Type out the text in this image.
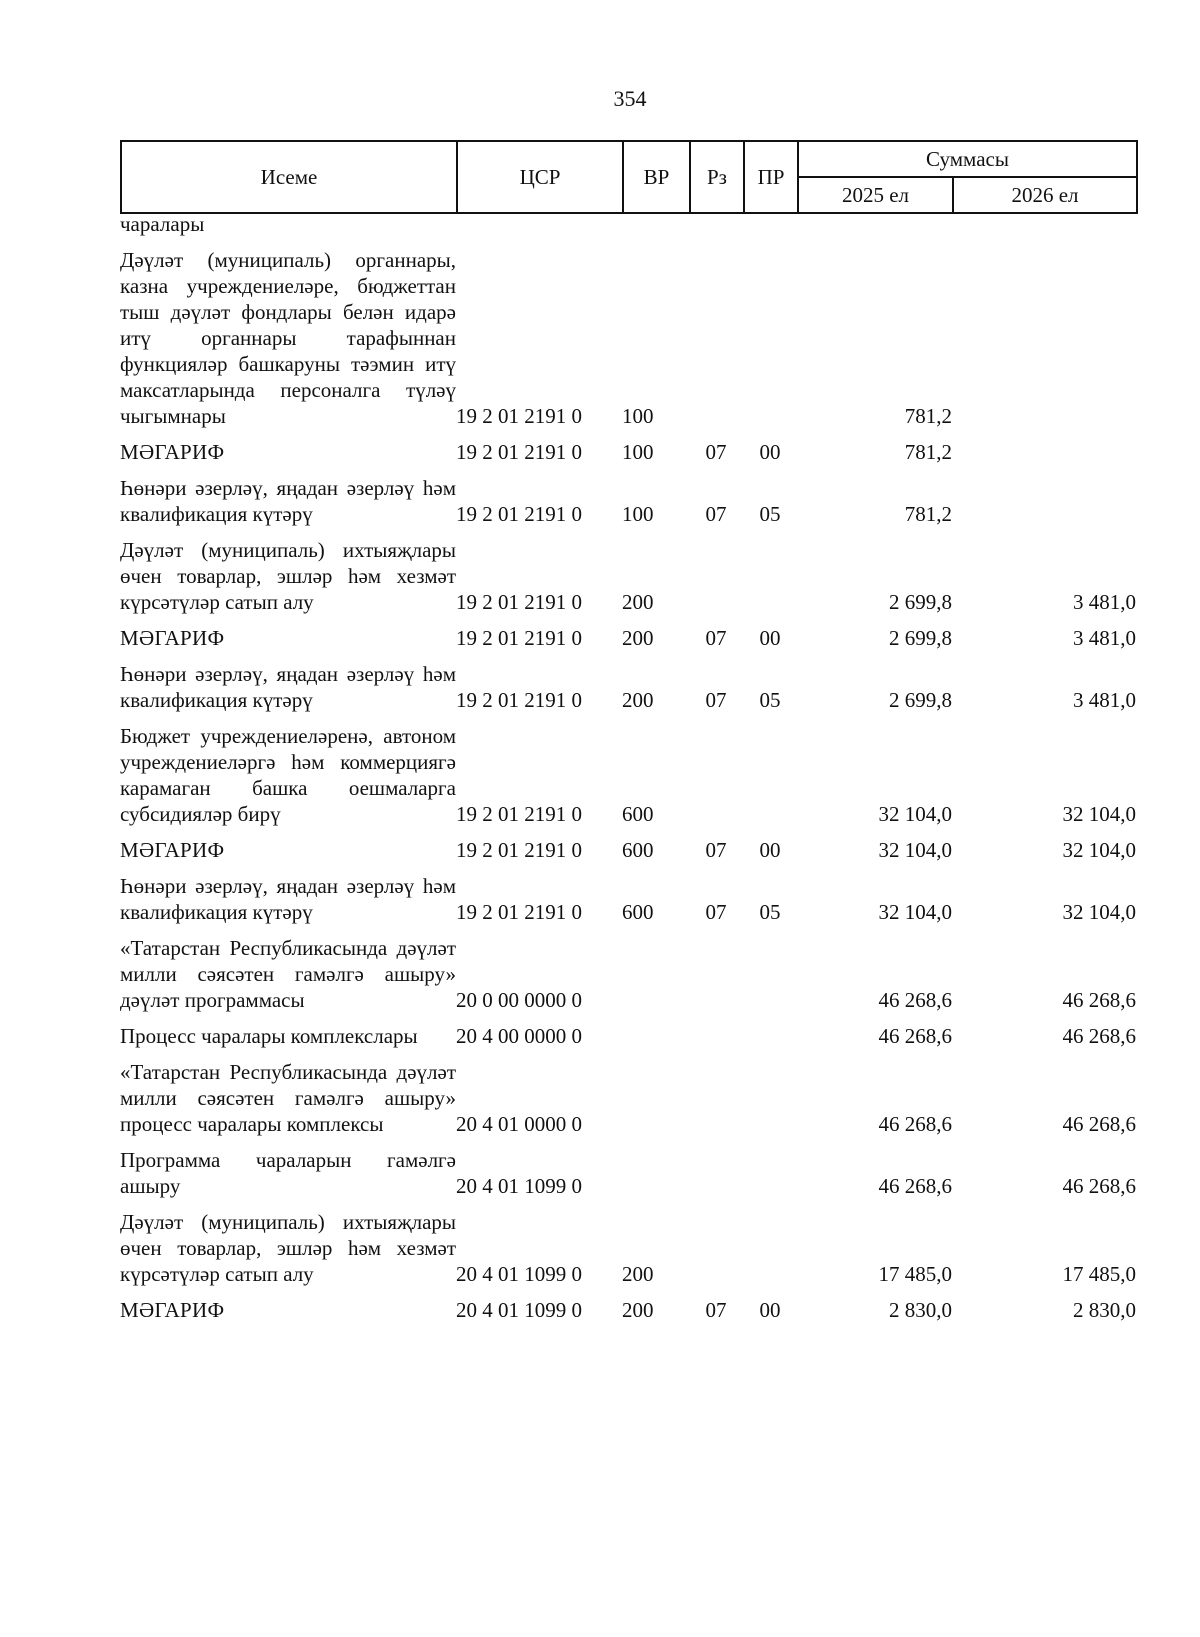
354
Исеме	ЦСР	ВР	Рз	ПР	Суммасы	
					2025 ел	2026 ел
чаралары						

Дәүләт (муниципаль) органнары, казна учреждениеләре, бюджеттан тыш дәүләт фондлары белән идарә итү органнары тарафыннан функцияләр башкаруны тәэмин итү максатларында персоналга түләү чыгымнары	19 2 01 2191 0	100			781,2	

МӘГАРИФ	19 2 01 2191 0	100	07	00	781,2	

Һөнәри әзерләү, яңадан әзерләү һәм квалификация күтәрү	19 2 01 2191 0	100	07	05	781,2	

Дәүләт (муниципаль) ихтыяҗлары өчен товарлар, эшләр һәм хезмәт күрсәтүләр сатып алу	19 2 01 2191 0	200			2 699,8	3 481,0

МӘГАРИФ	19 2 01 2191 0	200	07	00	2 699,8	3 481,0

Һөнәри әзерләү, яңадан әзерләү һәм квалификация күтәрү	19 2 01 2191 0	200	07	05	2 699,8	3 481,0

Бюджет учреждениеләренә, автоном учреждениеләргә һәм коммерциягә карамаган башка оешмаларга субсидияләр бирү	19 2 01 2191 0	600			32 104,0	32 104,0

МӘГАРИФ	19 2 01 2191 0	600	07	00	32 104,0	32 104,0

Һөнәри әзерләү, яңадан әзерләү һәм квалификация күтәрү	19 2 01 2191 0	600	07	05	32 104,0	32 104,0

«Татарстан Республикасында дәүләт милли сәясәтен гамәлгә ашыру» дәүләт программасы	20 0 00 0000 0				46 268,6	46 268,6

Процесс чаралары комплекслары	20 4 00 0000 0				46 268,6	46 268,6

«Татарстан Республикасында дәүләт милли сәясәтен гамәлгә ашыру» процесс чаралары комплексы	20 4 01 0000 0				46 268,6	46 268,6

Программа чараларын гамәлгә ашыру	20 4 01 1099 0				46 268,6	46 268,6

Дәүләт (муниципаль) ихтыяҗлары өчен товарлар, эшләр һәм хезмәт күрсәтүләр сатып алу	20 4 01 1099 0	200			17 485,0	17 485,0

МӘГАРИФ	20 4 01 1099 0	200	07	00	2 830,0	2 830,0
